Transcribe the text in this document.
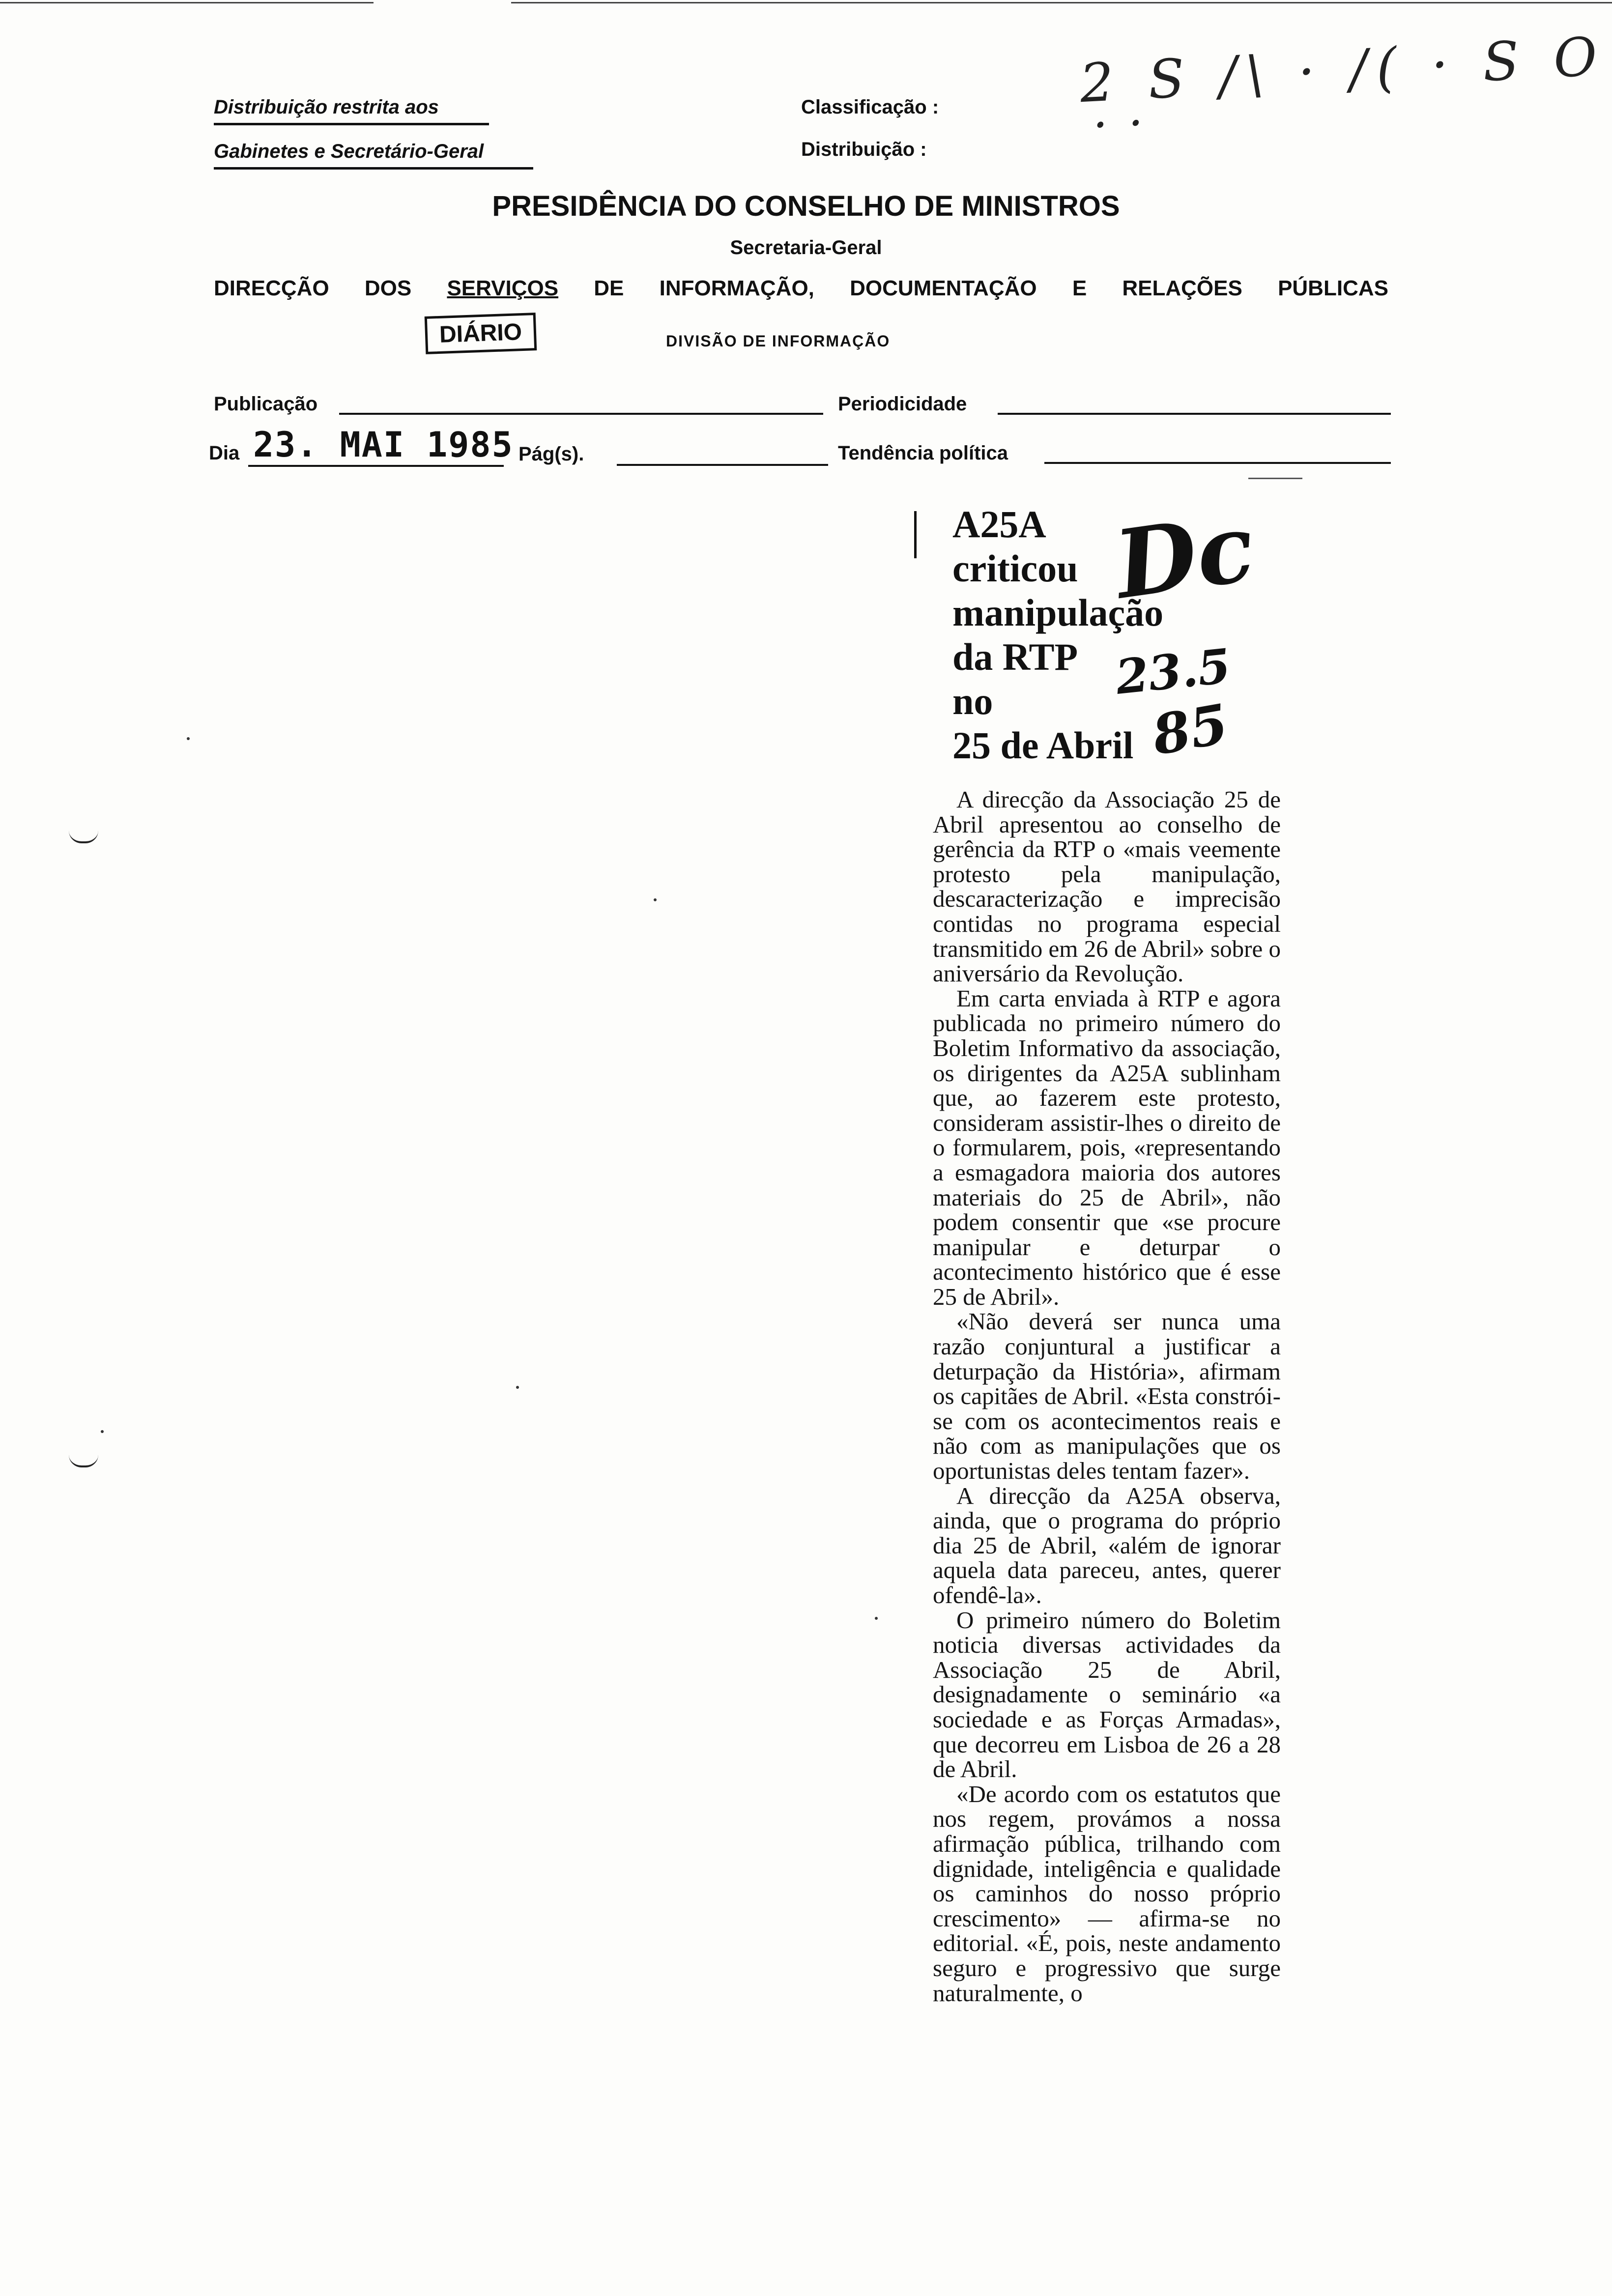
Distribuição restrita aos
Gabinetes e Secretário-Geral
Classificação :
Distribuição :
2 S /\ · /( · S O ˙˙
PRESIDÊNCIA DO CONSELHO DE MINISTROS
Secretaria-Geral
DIRECÇÃO DOS SERVIÇOS DE INFORMAÇÃO, DOCUMENTAÇÃO E RELAÇÕES PÚBLICAS
DIÁRIO	DIVISÃO DE INFORMAÇÃO
Publicação	Periodicidade
Dia 23. MAI 1985 Pág(s).	Tendência política
A25A
criticou
manipulação
da RTP
no
25 de Abril
Dc
23.5
85

A direcção da Associação 25 de Abril apresentou ao conselho de gerência da RTP o «mais veemente protesto pela manipulação, descaracterização e imprecisão contidas no programa especial transmitido em 26 de Abril» sobre o aniversário da Revolução.

Em carta enviada à RTP e agora publicada no primeiro número do Boletim Informativo da associação, os dirigentes da A25A sublinham que, ao fazerem este protesto, consideram assistir-lhes o direito de o formularem, pois, «representando a esmagadora maioria dos autores materiais do 25 de Abril», não podem consentir que «se procure manipular e deturpar o acontecimento histórico que é esse 25 de Abril».

«Não deverá ser nunca uma razão conjuntural a justificar a deturpação da História», afirmam os capitães de Abril. «Esta constrói-se com os acontecimentos reais e não com as manipulações que os oportunistas deles tentam fazer».

A direcção da A25A observa, ainda, que o programa do próprio dia 25 de Abril, «além de ignorar aquela data pareceu, antes, querer ofendê-la».

O primeiro número do Boletim noticia diversas actividades da Associação 25 de Abril, designadamente o seminário «a sociedade e as Forças Armadas», que decorreu em Lisboa de 26 a 28 de Abril.

«De acordo com os estatutos que nos regem, provámos a nossa afirmação pública, trilhando com dignidade, inteligência e qualidade os caminhos do nosso próprio crescimento» — afirma-se no editorial. «É, pois, neste andamento seguro e progressivo que surge naturalmente, o
